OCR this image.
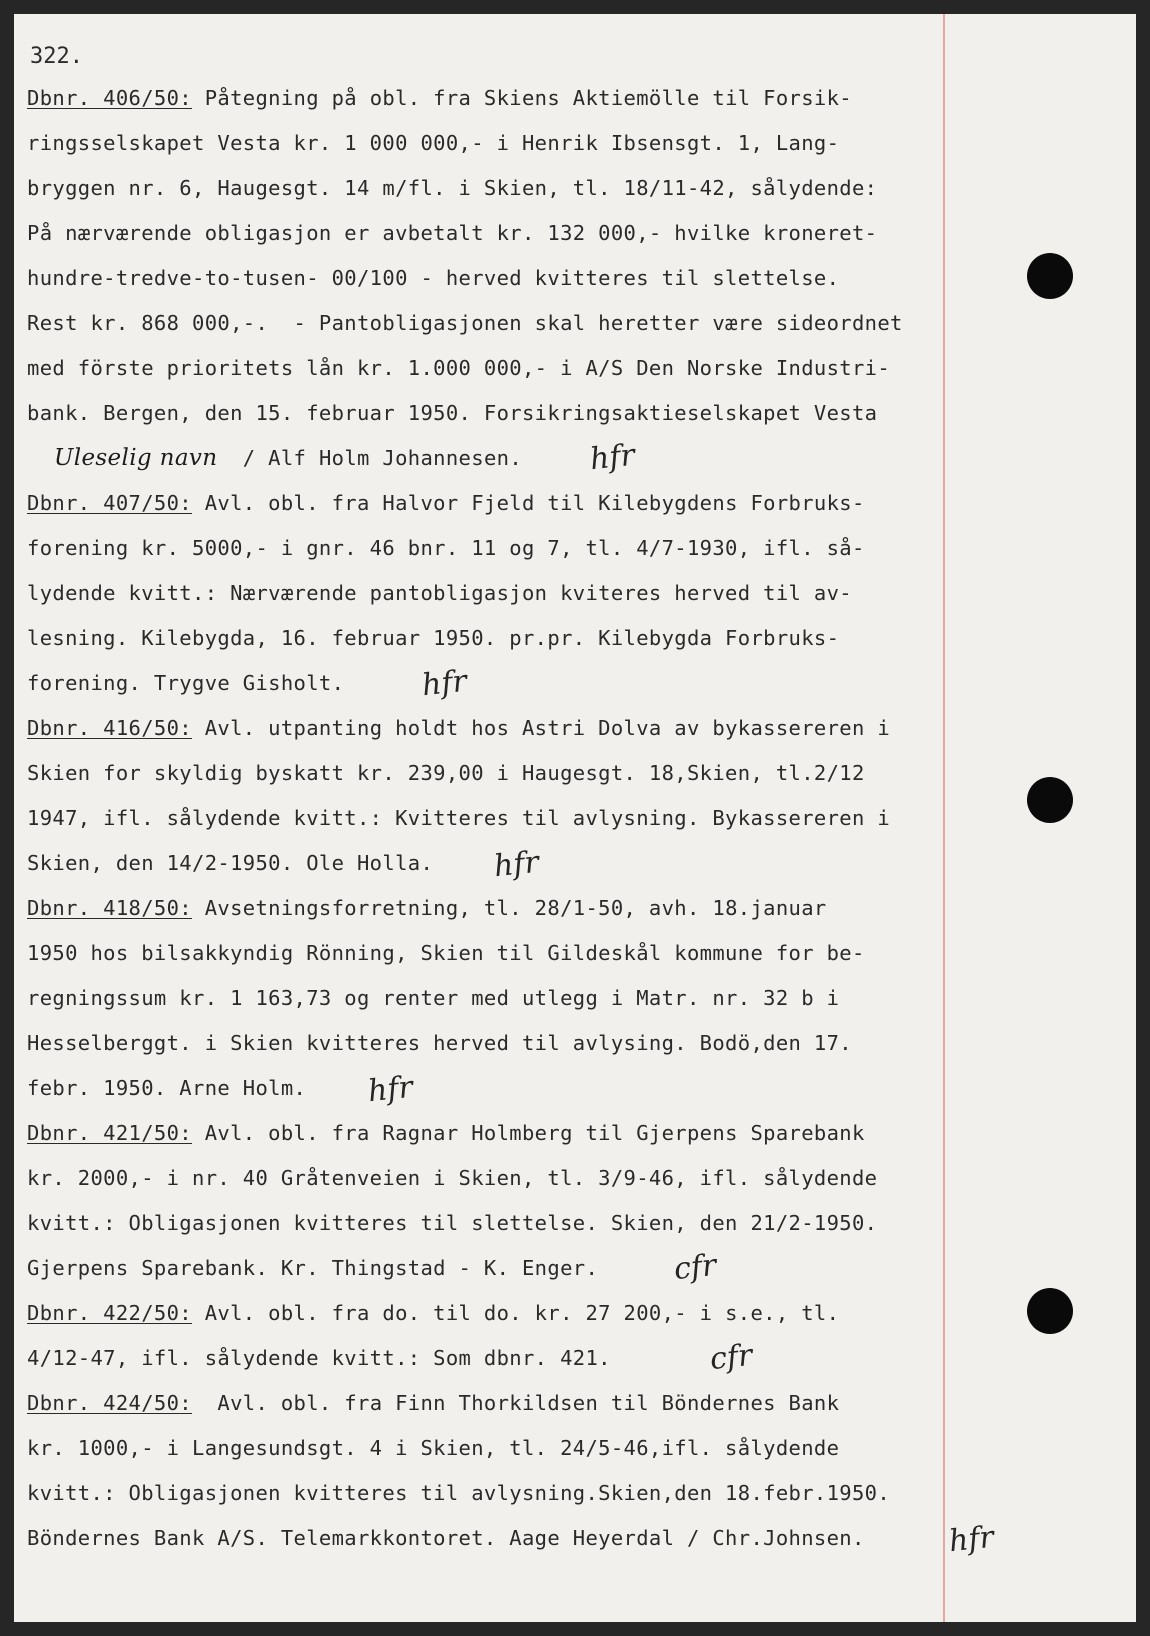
322.
Dbnr. 406/50: Påtegning på obl. fra Skiens Aktiemölle til Forsik-
ringsselskapet Vesta kr. 1 000 000,- i Henrik Ibsensgt. 1, Lang-
bryggen nr. 6, Haugesgt. 14 m/fl. i Skien, tl. 18/11-42, sålydende:
På nærværende obligasjon er avbetalt kr. 132 000,- hvilke kroneret-
hundre-tredve-to-tusen- 00/100 - herved kvitteres til slettelse.
Rest kr. 868 000,-.  - Pantobligasjonen skal heretter være sideordnet
med förste prioritets lån kr. 1.000 000,- i A/S Den Norske Industri-
bank. Bergen, den 15. februar 1950. Forsikringsaktieselskapet Vesta
Uleselig navn  / Alf Holm Johannesen. hfr
Dbnr. 407/50: Avl. obl. fra Halvor Fjeld til Kilebygdens Forbruks-
forening kr. 5000,- i gnr. 46 bnr. 11 og 7, tl. 4/7-1930, ifl. så-
lydende kvitt.: Nærværende pantobligasjon kviteres herved til av-
lesning. Kilebygda, 16. februar 1950. pr.pr. Kilebygda Forbruks-
forening. Trygve Gisholt.	hfr
Dbnr. 416/50: Avl. utpanting holdt hos Astri Dolva av bykassereren i
Skien for skyldig byskatt kr. 239,00 i Haugesgt. 18,Skien, tl.2/12
1947, ifl. sålydende kvitt.: Kvitteres til avlysning. Bykassereren i
Skien, den 14/2-1950. Ole Holla. hfr
Dbnr. 418/50: Avsetningsforretning, tl. 28/1-50, avh. 18.januar
1950 hos bilsakkyndig Rönning, Skien til Gildeskål kommune for be-
regningssum kr. 1 163,73 og renter med utlegg i Matr. nr. 32 b i
Hesselberggt. i Skien kvitteres herved til avlysing. Bodö,den 17.
febr. 1950. Arne Holm. hfr
Dbnr. 421/50: Avl. obl. fra Ragnar Holmberg til Gjerpens Sparebank
kr. 2000,- i nr. 40 Gråtenveien i Skien, tl. 3/9-46, ifl. sålydende
kvitt.: Obligasjonen kvitteres til slettelse. Skien, den 21/2-1950.
Gjerpens Sparebank. Kr. Thingstad - K. Enger. cfr
Dbnr. 422/50: Avl. obl. fra do. til do. kr. 27 200,- i s.e., tl.
4/12-47, ifl. sålydende kvitt.: Som dbnr. 421.	cfr
Dbnr. 424/50:  Avl. obl. fra Finn Thorkildsen til Böndernes Bank
kr. 1000,- i Langesundsgt. 4 i Skien, tl. 24/5-46,ifl. sålydende
kvitt.: Obligasjonen kvitteres til avlysning.Skien,den 18.febr.1950.
Böndernes Bank A/S. Telemarkkontoret. Aage Heyerdal / Chr.Johnsen.	hfr
